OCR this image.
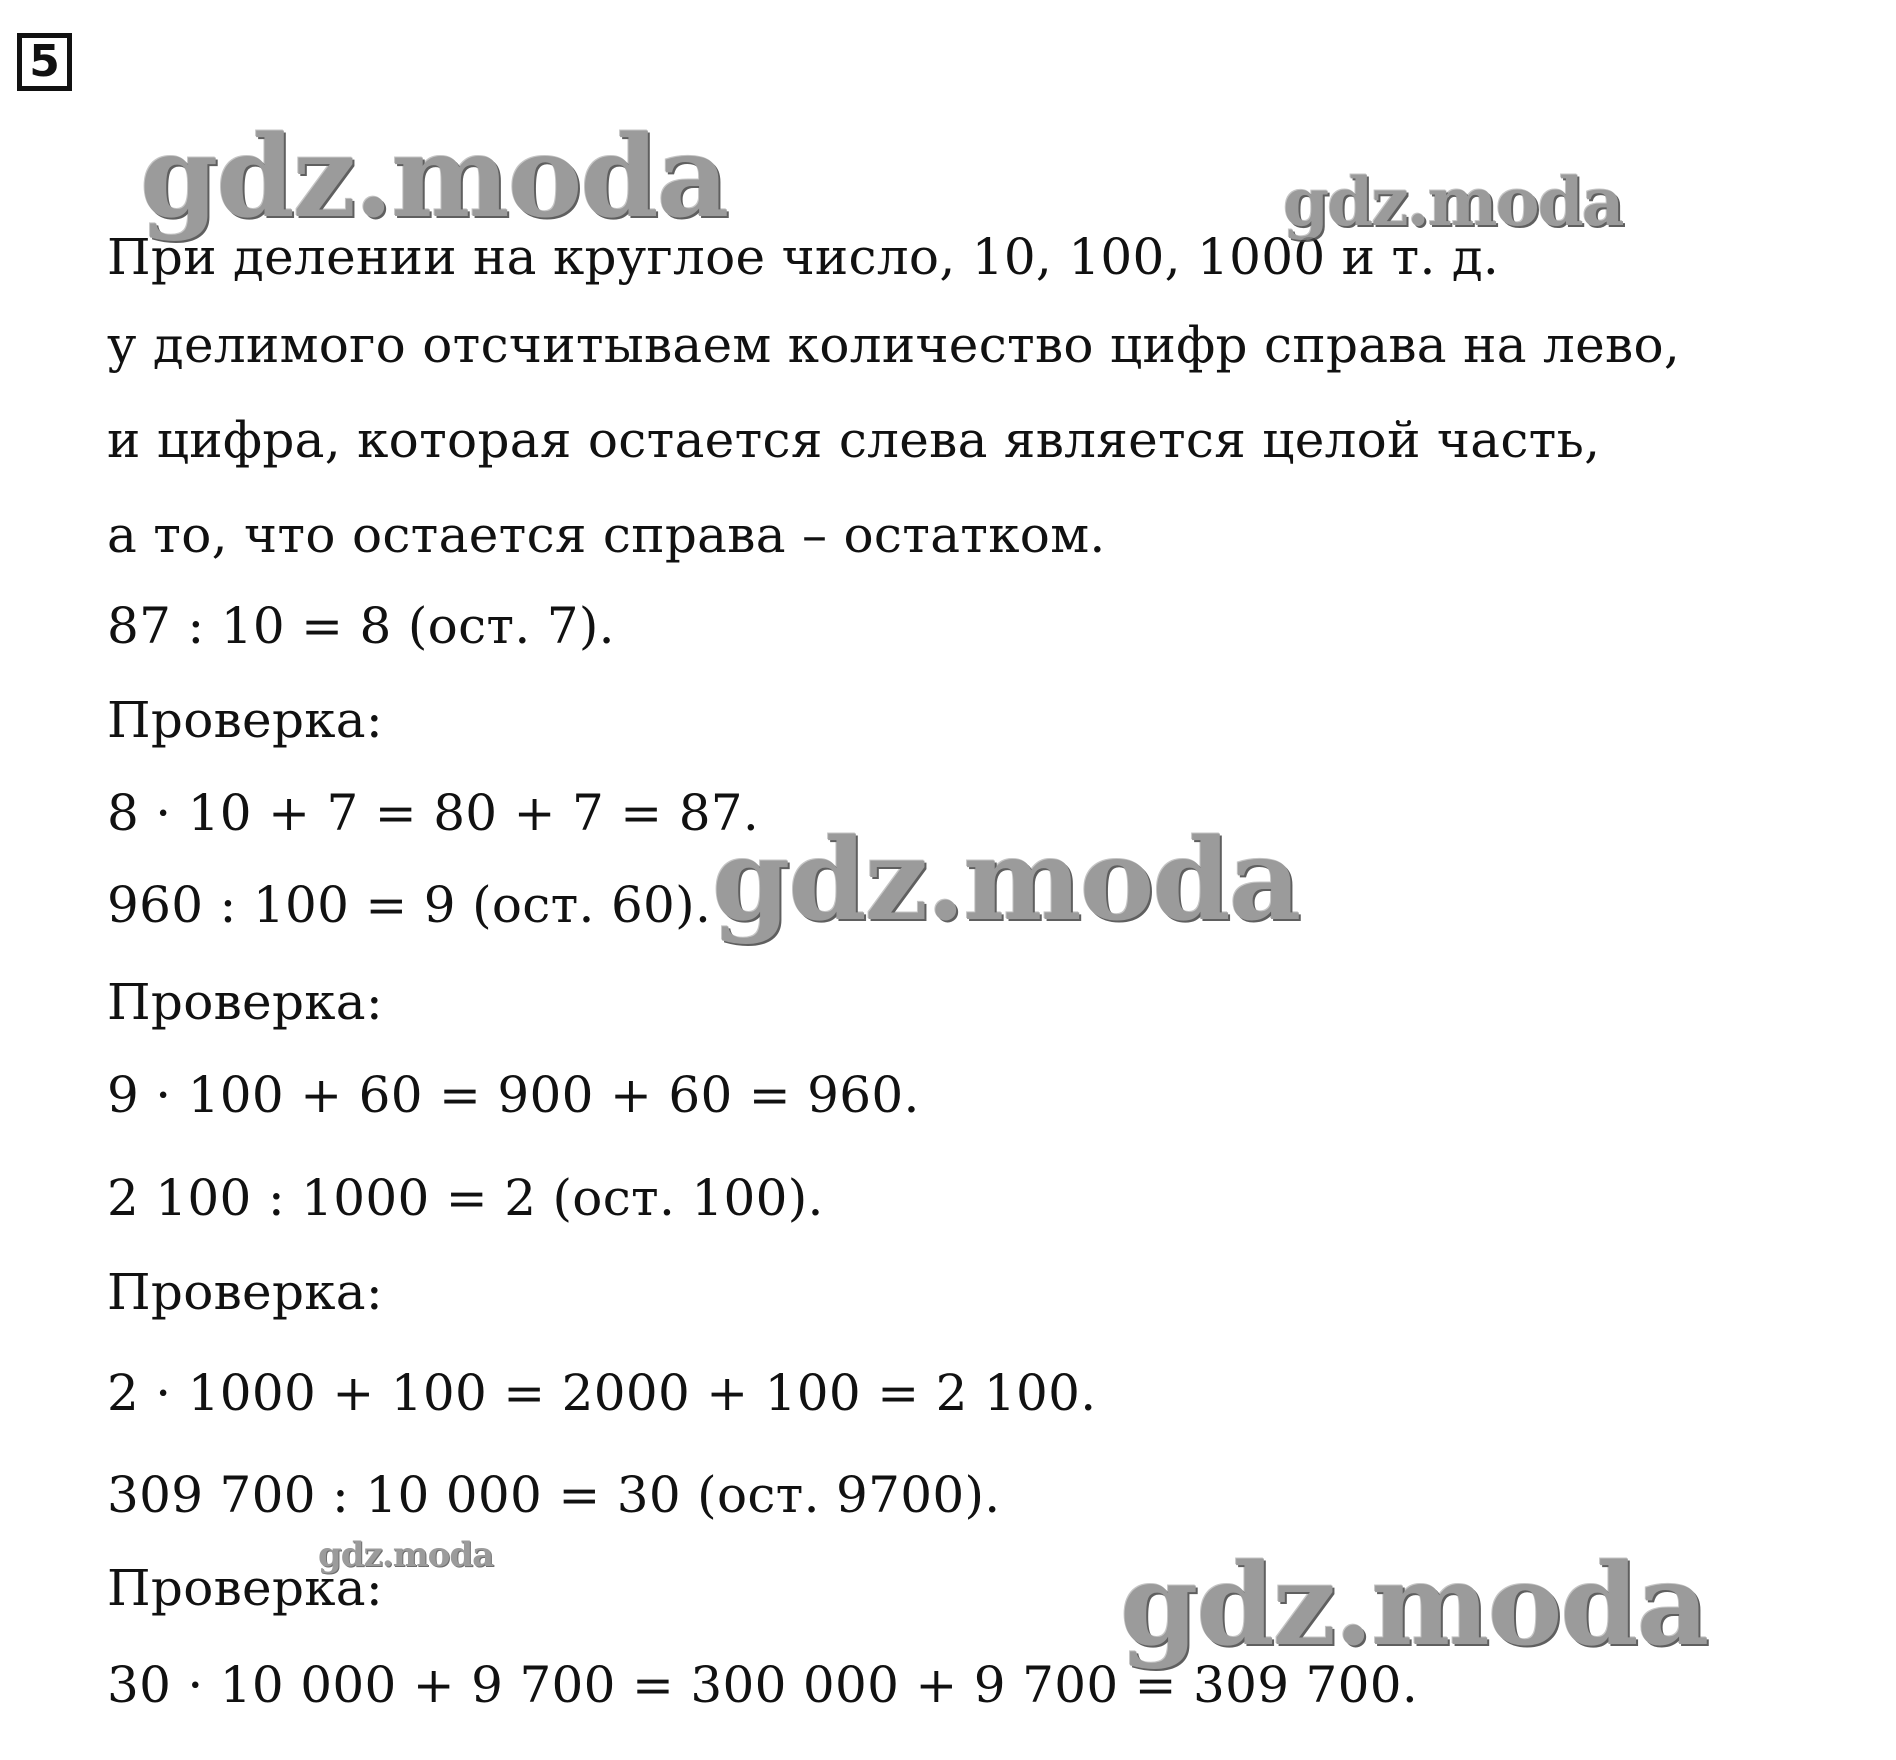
5
При делении на круглое число, 10, 100, 1000 и т. д.
у делимого отсчитываем количество цифр справа на лево,
и цифра, которая остается слева является целой часть,
а то, что остается справа – остатком.
87 : 10 = 8 (ост. 7).
Проверка:
8 · 10 + 7 = 80 + 7 = 87.
960 : 100 = 9 (ост. 60).
Проверка:
9 · 100 + 60 = 900 + 60 = 960.
2 100 : 1000 = 2 (ост. 100).
Проверка:
2 · 1000 + 100 = 2000 + 100 = 2 100.
309 700 : 10 000 = 30 (ост. 9700).
Проверка:
30 · 10 000 + 9 700 = 300 000 + 9 700 = 309 700.
gdz.moda	gdz.moda
gdz.moda
gdz.moda	gdz.moda
